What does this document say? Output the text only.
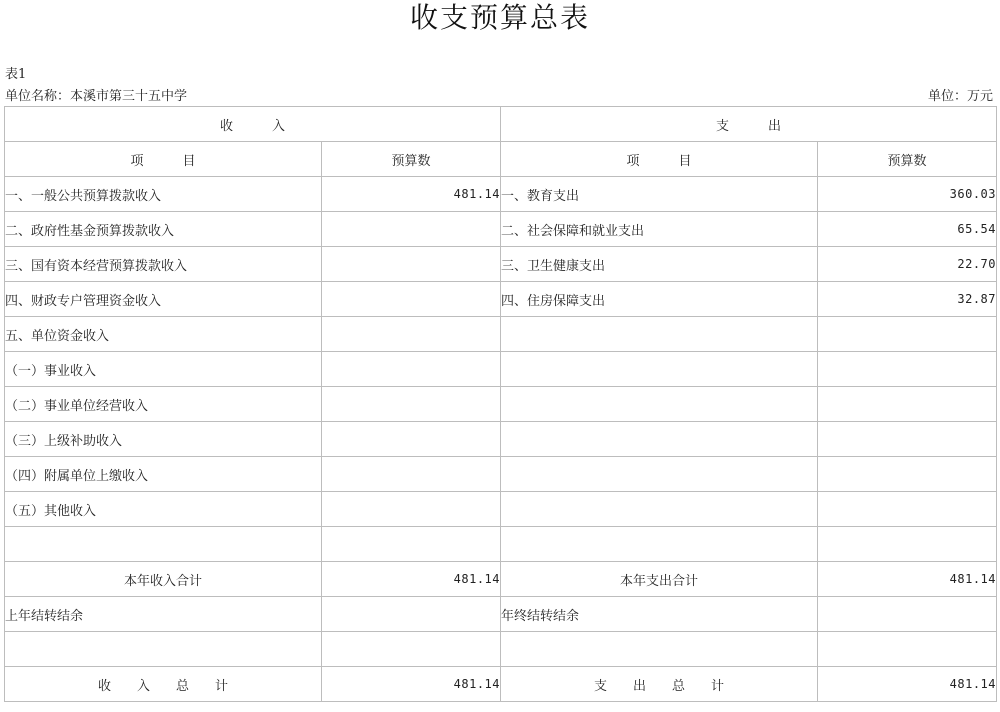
收支预算总表
表1
单位名称：本溪市第三十五中学	单位：万元
收　　　入		支　　　出	
项　　　目	预算数	项　　　目	预算数
一、一般公共预算拨款收入	481.14	一、教育支出	360.03
二、政府性基金预算拨款收入		二、社会保障和就业支出	65.54
三、国有资本经营预算拨款收入		三、卫生健康支出	22.70
四、财政专户管理资金收入		四、住房保障支出	32.87
五、单位资金收入			
（一）事业收入			
（二）事业单位经营收入			
（三）上级补助收入			
（四）附属单位上缴收入			
（五）其他收入			

本年收入合计	481.14	本年支出合计	481.14
上年结转结余		年终结转结余	

收　　入　　总　　计	481.14	支　　出　　总　　计	481.14
